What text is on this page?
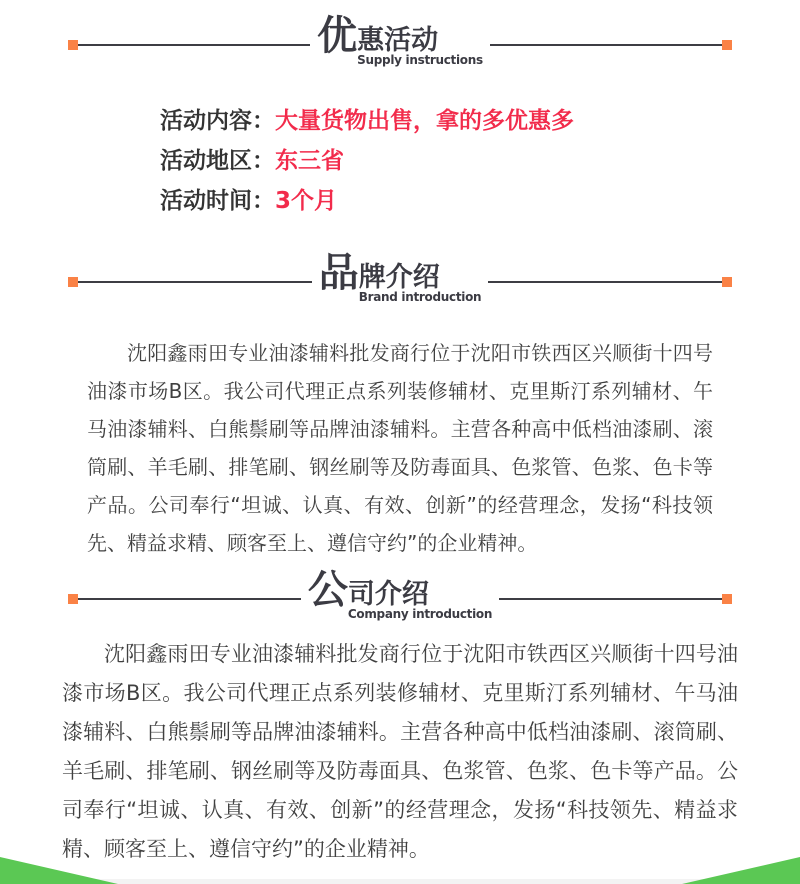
优 惠活动
Supply instructions
活动内容：大量货物出售，拿的多优惠多
活动地区：东三省
活动时间：3个月
品 牌介绍
Brand introduction

沈阳鑫雨田专业油漆辅料批发商行位于沈阳市铁西区兴顺街十四号油漆市场B区。我公司代理正点系列装修辅材、克里斯汀系列辅材、午马油漆辅料、白熊鬃刷等品牌油漆辅料。主营各种高中低档油漆刷、滚筒刷、羊毛刷、排笔刷、钢丝刷等及防毒面具、色浆管、色浆、色卡等产品。公司奉行“坦诚、认真、有效、创新”的经营理念，发扬“科技领先、精益求精、顾客至上、遵信守约”的企业精神。

公 司介绍
Company introduction

沈阳鑫雨田专业油漆辅料批发商行位于沈阳市铁西区兴顺街十四号油漆市场B区。我公司代理正点系列装修辅材、克里斯汀系列辅材、午马油漆辅料、白熊鬃刷等品牌油漆辅料。主营各种高中低档油漆刷、滚筒刷、羊毛刷、排笔刷、钢丝刷等及防毒面具、色浆管、色浆、色卡等产品。公司奉行“坦诚、认真、有效、创新”的经营理念，发扬“科技领先、精益求精、顾客至上、遵信守约”的企业精神。
